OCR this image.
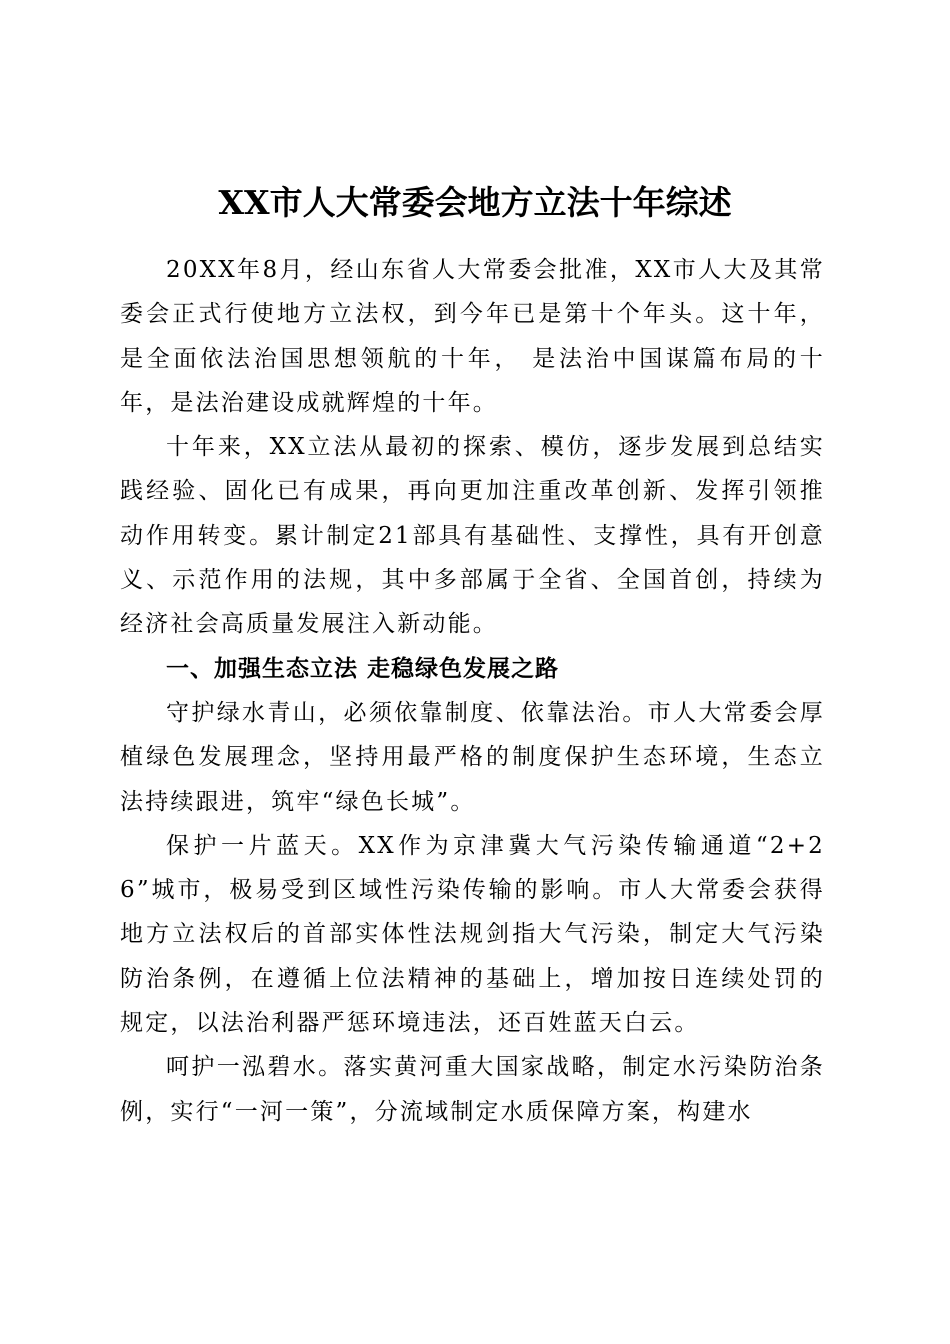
XX市人大常委会地方立法十年综述

20XX年8月，经山东省人大常委会批准，XX市人大及其常委会正式行使地方立法权，到今年已是第十个年头。这十年，是全面依法治国思想领航的十年， 是法治中国谋篇布局的十年，是法治建设成就辉煌的十年。

十年来，XX立法从最初的探索、模仿，逐步发展到总结实践经验、固化已有成果，再向更加注重改革创新、发挥引领推动作用转变。累计制定21部具有基础性、支撑性，具有开创意义、示范作用的法规，其中多部属于全省、全国首创，持续为经济社会高质量发展注入新动能。

一、加强生态立法 走稳绿色发展之路

守护绿水青山，必须依靠制度、依靠法治。市人大常委会厚植绿色发展理念，坚持用最严格的制度保护生态环境，生态立法持续跟进，筑牢“绿色长城”。

保护一片蓝天。XX作为京津冀大气污染传输通道“2+26”城市，极易受到区域性污染传输的影响。市人大常委会获得地方立法权后的首部实体性法规剑指大气污染，制定大气污染防治条例，在遵循上位法精神的基础上，增加按日连续处罚的规定，以法治利器严惩环境违法，还百姓蓝天白云。

呵护一泓碧水。落实黄河重大国家战略，制定水污染防治条例，实行“一河一策”，分流域制定水质保障方案，构建水
